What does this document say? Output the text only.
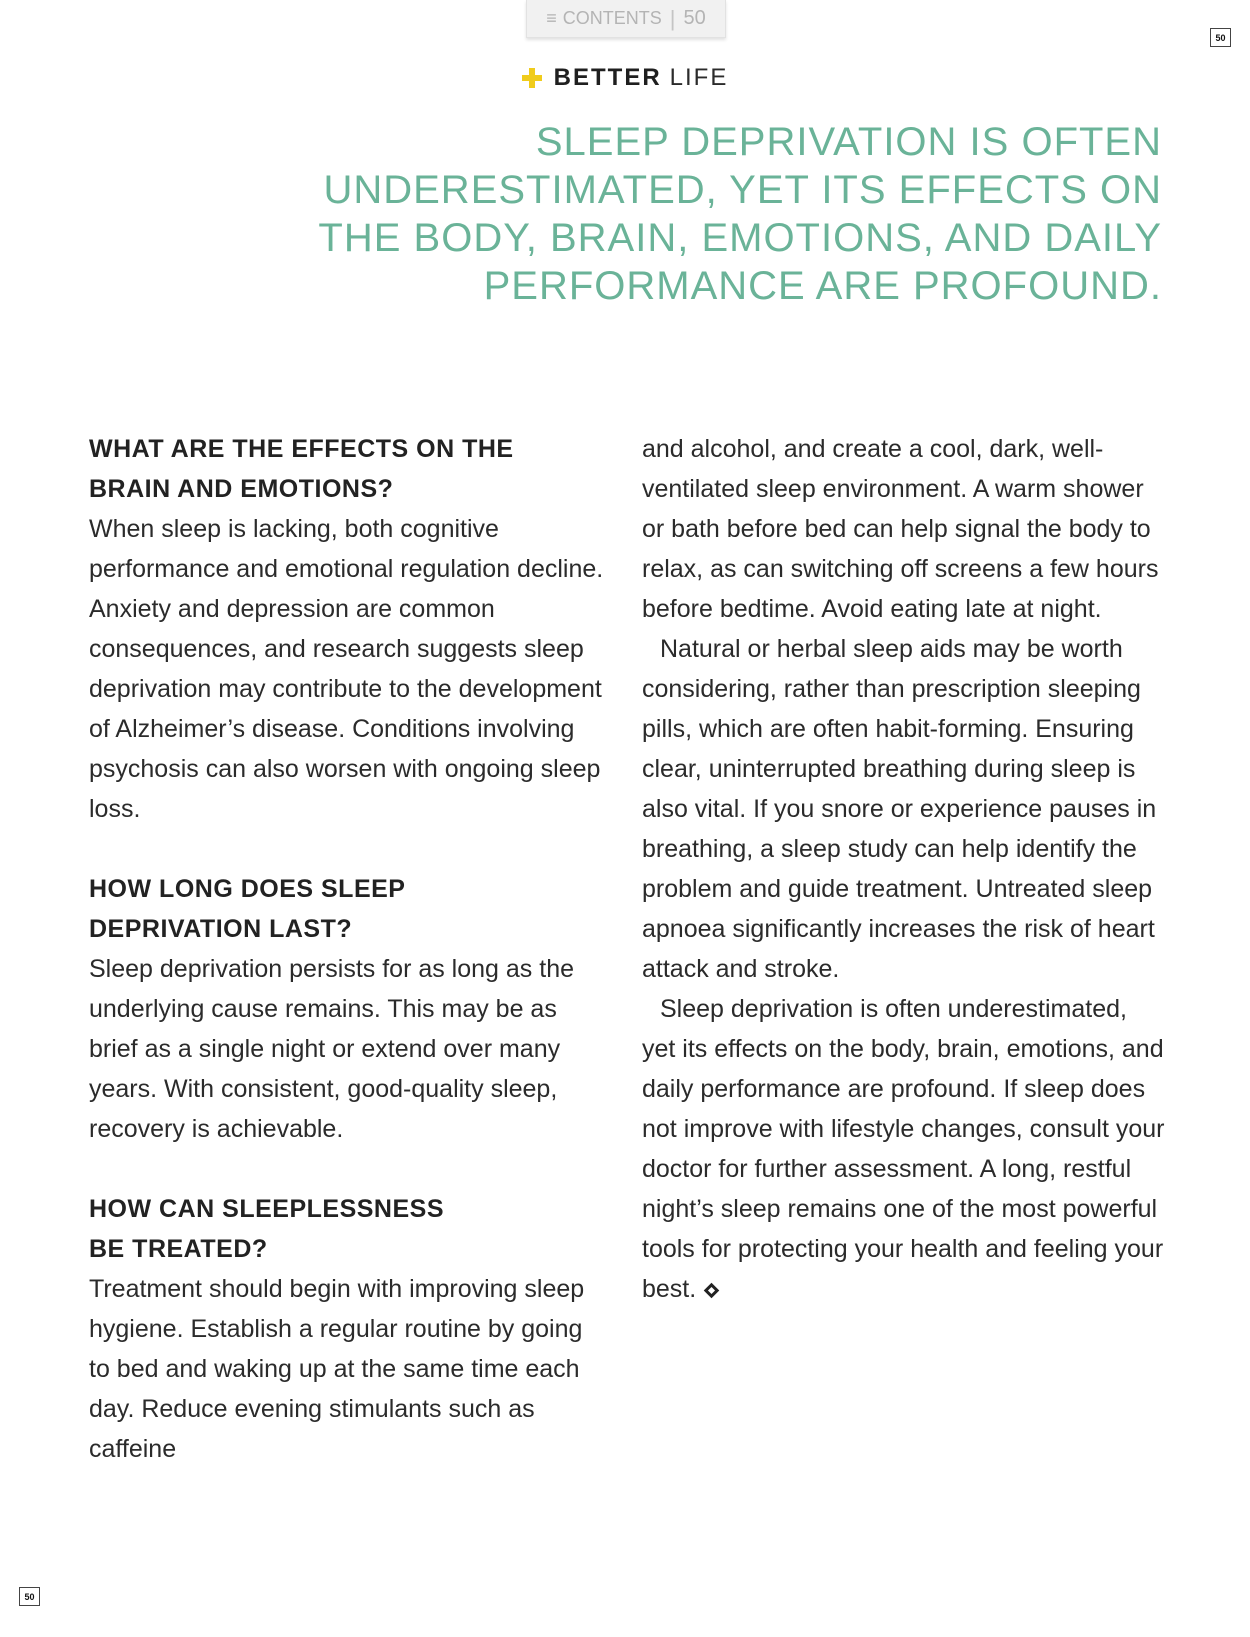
≡ CONTENTS | 50
50
BETTER LIFE
SLEEP DEPRIVATION IS OFTEN
UNDERESTIMATED, YET ITS EFFECTS ON
THE BODY, BRAIN, EMOTIONS, AND DAILY
PERFORMANCE ARE PROFOUND.
WHAT ARE THE EFFECTS ON THE
BRAIN AND EMOTIONS?

When sleep is lacking, both cognitive performance and emotional regulation decline. Anxiety and depression are common consequences, and research suggests sleep deprivation may contribute to the development of Alzheimer’s disease. Conditions involving psychosis can also worsen with ongoing sleep loss.

HOW LONG DOES SLEEP
DEPRIVATION LAST?

Sleep deprivation persists for as long as the underlying cause remains. This may be as brief as a single night or extend over many years. With consistent, good-quality sleep, recovery is achievable.

HOW CAN SLEEPLESSNESS
BE TREATED?

Treatment should begin with improving sleep hygiene. Establish a regular routine by going to bed and waking up at the same time each day. Reduce evening stimulants such as caffeine

and alcohol, and create a cool, dark, well-ventilated sleep environment. A warm shower or bath before bed can help signal the body to relax, as can switching off screens a few hours before bedtime. Avoid eating late at night.

Natural or herbal sleep aids may be worth considering, rather than prescription sleeping pills, which are often habit-forming. Ensuring clear, uninterrupted breathing during sleep is also vital. If you snore or experience pauses in breathing, a sleep study can help identify the problem and guide treatment. Untreated sleep apnoea significantly increases the risk of heart attack and stroke.

Sleep deprivation is often underestimated, yet its effects on the body, brain, emotions, and daily performance are profound. If sleep does not improve with lifestyle changes, consult your doctor for further assessment. A long, restful night’s sleep remains one of the most powerful tools for protecting your health and feeling your best.

50
